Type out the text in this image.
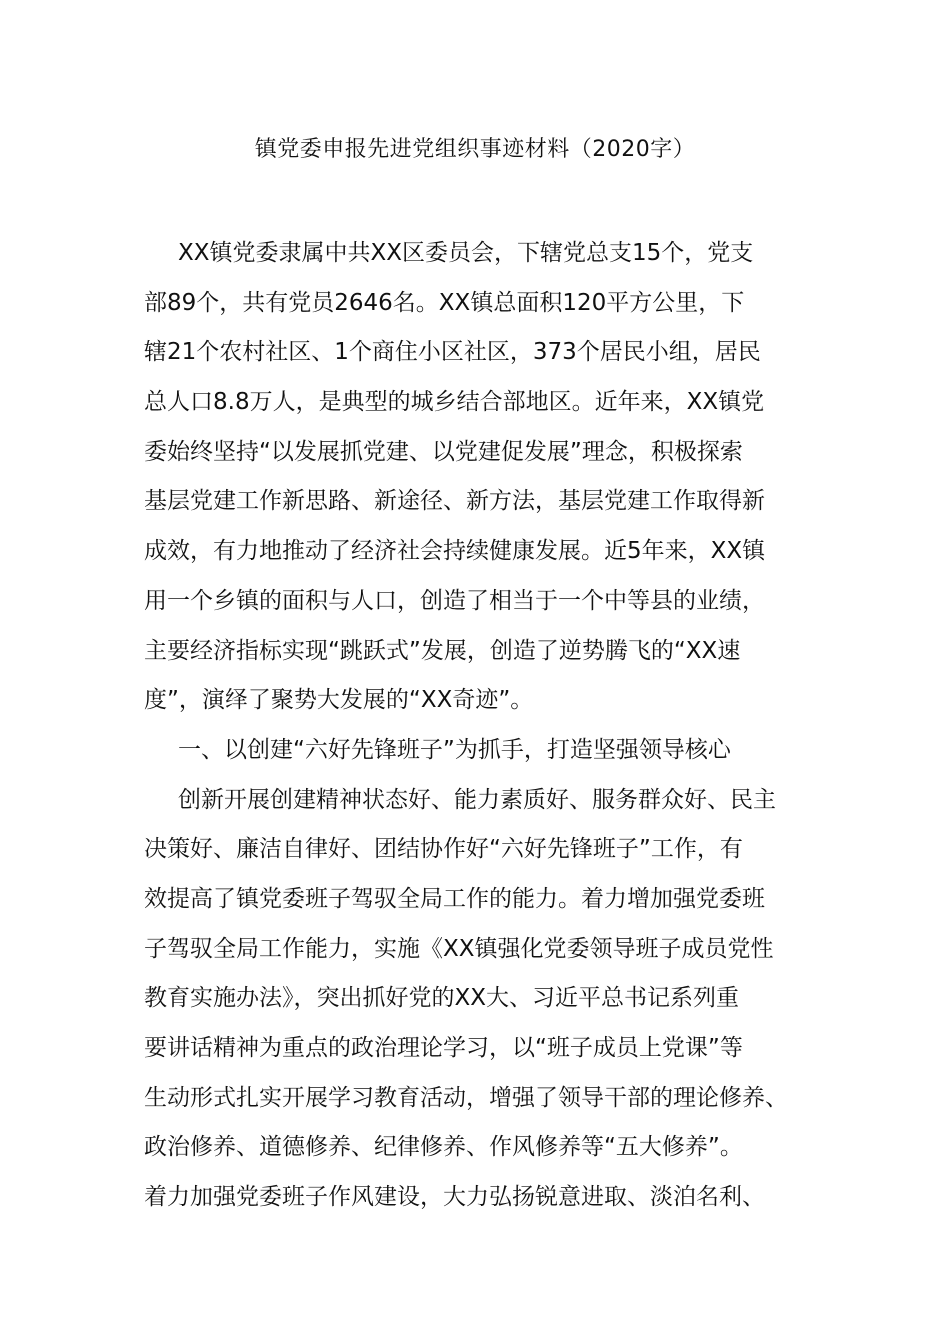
镇党委申报先进党组织事迹材料（2020字）
XX镇党委隶属中共XX区委员会，下辖党总支15个，党支
部89个，共有党员2646名。XX镇总面积120平方公里，下
辖21个农村社区、1个商住小区社区，373个居民小组，居民
总人口8.8万人，是典型的城乡结合部地区。近年来，XX镇党
委始终坚持“以发展抓党建、以党建促发展”理念，积极探索
基层党建工作新思路、新途径、新方法，基层党建工作取得新
成效，有力地推动了经济社会持续健康发展。近5年来，XX镇
用一个乡镇的面积与人口，创造了相当于一个中等县的业绩，
主要经济指标实现“跳跃式”发展，创造了逆势腾飞的“XX速
度”，演绎了聚势大发展的“XX奇迹”。
一、以创建“六好先锋班子”为抓手，打造坚强领导核心
创新开展创建精神状态好、能力素质好、服务群众好、民主
决策好、廉洁自律好、团结协作好“六好先锋班子”工作，有
效提高了镇党委班子驾驭全局工作的能力。着力增加强党委班
子驾驭全局工作能力，实施《XX镇强化党委领导班子成员党性
教育实施办法》，突出抓好党的XX大、习近平总书记系列重
要讲话精神为重点的政治理论学习，以“班子成员上党课”等
生动形式扎实开展学习教育活动，增强了领导干部的理论修养、
政治修养、道德修养、纪律修养、作风修养等“五大修养”。
着力加强党委班子作风建设，大力弘扬锐意进取、淡泊名利、
